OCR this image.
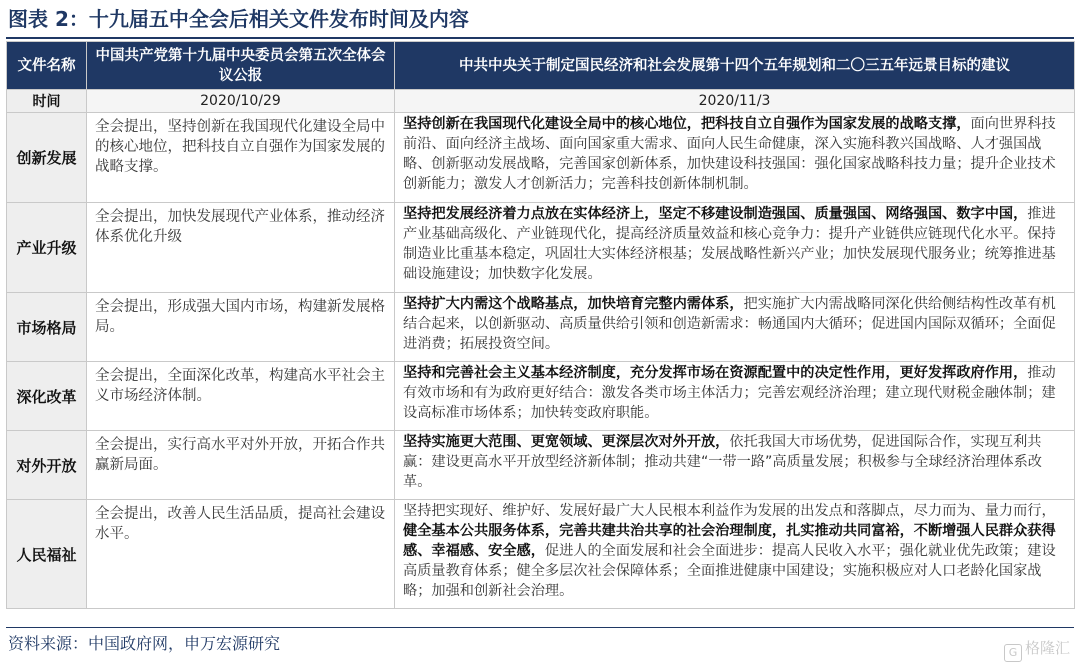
图表 2：十九届五中全会后相关文件发布时间及内容
文件名称	中国共产党第十九届中央委员会第五次全体会议公报	中共中央关于制定国民经济和社会发展第十四个五年规划和二〇三五年远景目标的建议
时间	2020/10/29	2020/11/3
创新发展	全会提出，坚持创新在我国现代化建设全局中的核心地位，把科技自立自强作为国家发展的战略支撑。	坚持创新在我国现代化建设全局中的核心地位，把科技自立自强作为国家发展的战略支撑，面向世界科技前沿、面向经济主战场、面向国家重大需求、面向人民生命健康，深入实施科教兴国战略、人才强国战略、创新驱动发展战略，完善国家创新体系，加快建设科技强国：强化国家战略科技力量；提升企业技术创新能力；激发人才创新活力；完善科技创新体制机制。
产业升级	全会提出，加快发展现代产业体系，推动经济体系优化升级	坚持把发展经济着力点放在实体经济上，坚定不移建设制造强国、质量强国、网络强国、数字中国，推进产业基础高级化、产业链现代化，提高经济质量效益和核心竞争力：提升产业链供应链现代化水平。保持制造业比重基本稳定，巩固壮大实体经济根基；发展战略性新兴产业；加快发展现代服务业；统筹推进基础设施建设；加快数字化发展。
市场格局	全会提出，形成强大国内市场，构建新发展格局。	坚持扩大内需这个战略基点，加快培育完整内需体系，把实施扩大内需战略同深化供给侧结构性改革有机结合起来，以创新驱动、高质量供给引领和创造新需求：畅通国内大循环；促进国内国际双循环；全面促进消费；拓展投资空间。
深化改革	全会提出，全面深化改革，构建高水平社会主义市场经济体制。	坚持和完善社会主义基本经济制度，充分发挥市场在资源配置中的决定性作用，更好发挥政府作用，推动有效市场和有为政府更好结合：激发各类市场主体活力；完善宏观经济治理；建立现代财税金融体制；建设高标准市场体系；加快转变政府职能。
对外开放	全会提出，实行高水平对外开放，开拓合作共赢新局面。	坚持实施更大范围、更宽领域、更深层次对外开放，依托我国大市场优势，促进国际合作，实现互利共赢：建设更高水平开放型经济新体制；推动共建“一带一路”高质量发展；积极参与全球经济治理体系改革。
人民福祉	全会提出，改善人民生活品质，提高社会建设水平。	坚持把实现好、维护好、发展好最广大人民根本利益作为发展的出发点和落脚点，尽力而为、量力而行，健全基本公共服务体系，完善共建共治共享的社会治理制度，扎实推动共同富裕，不断增强人民群众获得感、幸福感、安全感，促进人的全面发展和社会全面进步：提高人民收入水平；强化就业优先政策；建设高质量教育体系；健全多层次社会保障体系；全面推进健康中国建设；实施积极应对人口老龄化国家战略；加强和创新社会治理。
资料来源：中国政府网，申万宏源研究	G 格隆汇
